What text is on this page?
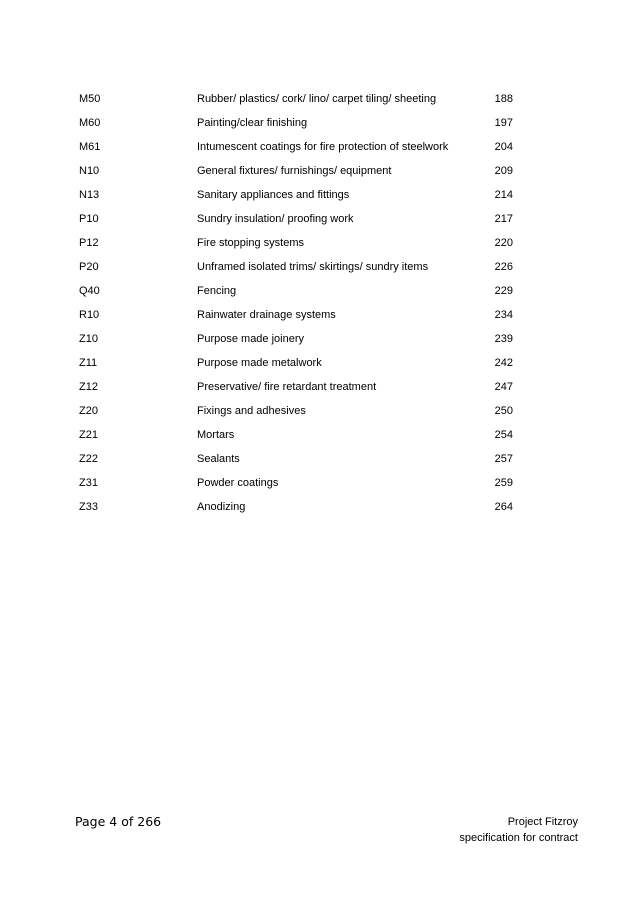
M50	Rubber/ plastics/ cork/ lino/ carpet tiling/ sheeting	188
M60	Painting/clear finishing	197
M61	Intumescent coatings for fire protection of steelwork	204
N10	General fixtures/ furnishings/ equipment	209
N13	Sanitary appliances and fittings	214
P10	Sundry insulation/ proofing work	217
P12	Fire stopping systems	220
P20	Unframed isolated trims/ skirtings/ sundry items	226
Q40	Fencing	229
R10	Rainwater drainage systems	234
Z10	Purpose made joinery	239
Z11	Purpose made metalwork	242
Z12	Preservative/ fire retardant treatment	247
Z20	Fixings and adhesives	250
Z21	Mortars	254
Z22	Sealants	257
Z31	Powder coatings	259
Z33	Anodizing	264
Page 4 of 266	Project Fitzroy
specification for contract
